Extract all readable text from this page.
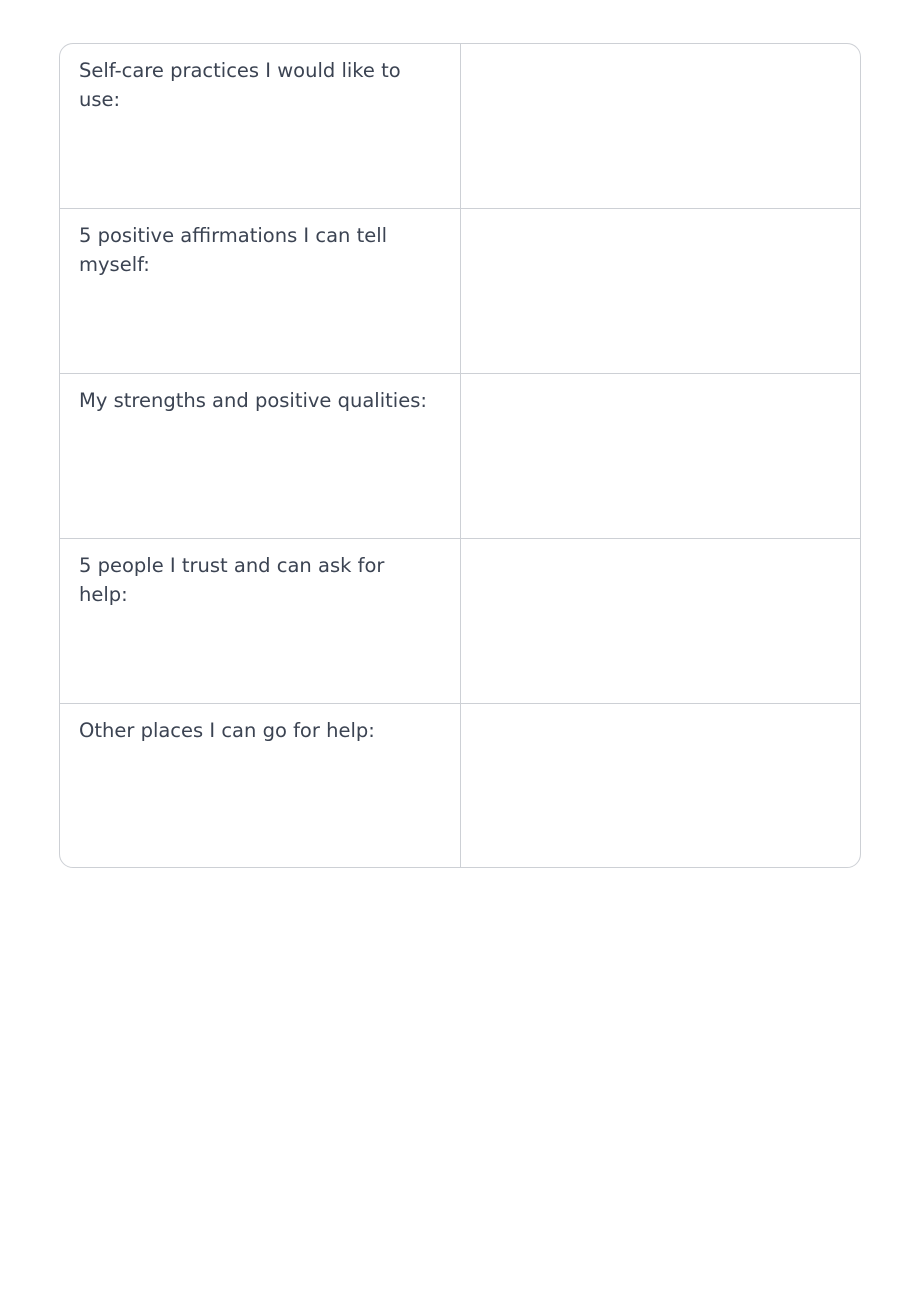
Self-care practices I would like to use:
5 positive affirmations I can tell myself:
My strengths and positive qualities:
5 people I trust and can ask for help:
Other places I can go for help:
